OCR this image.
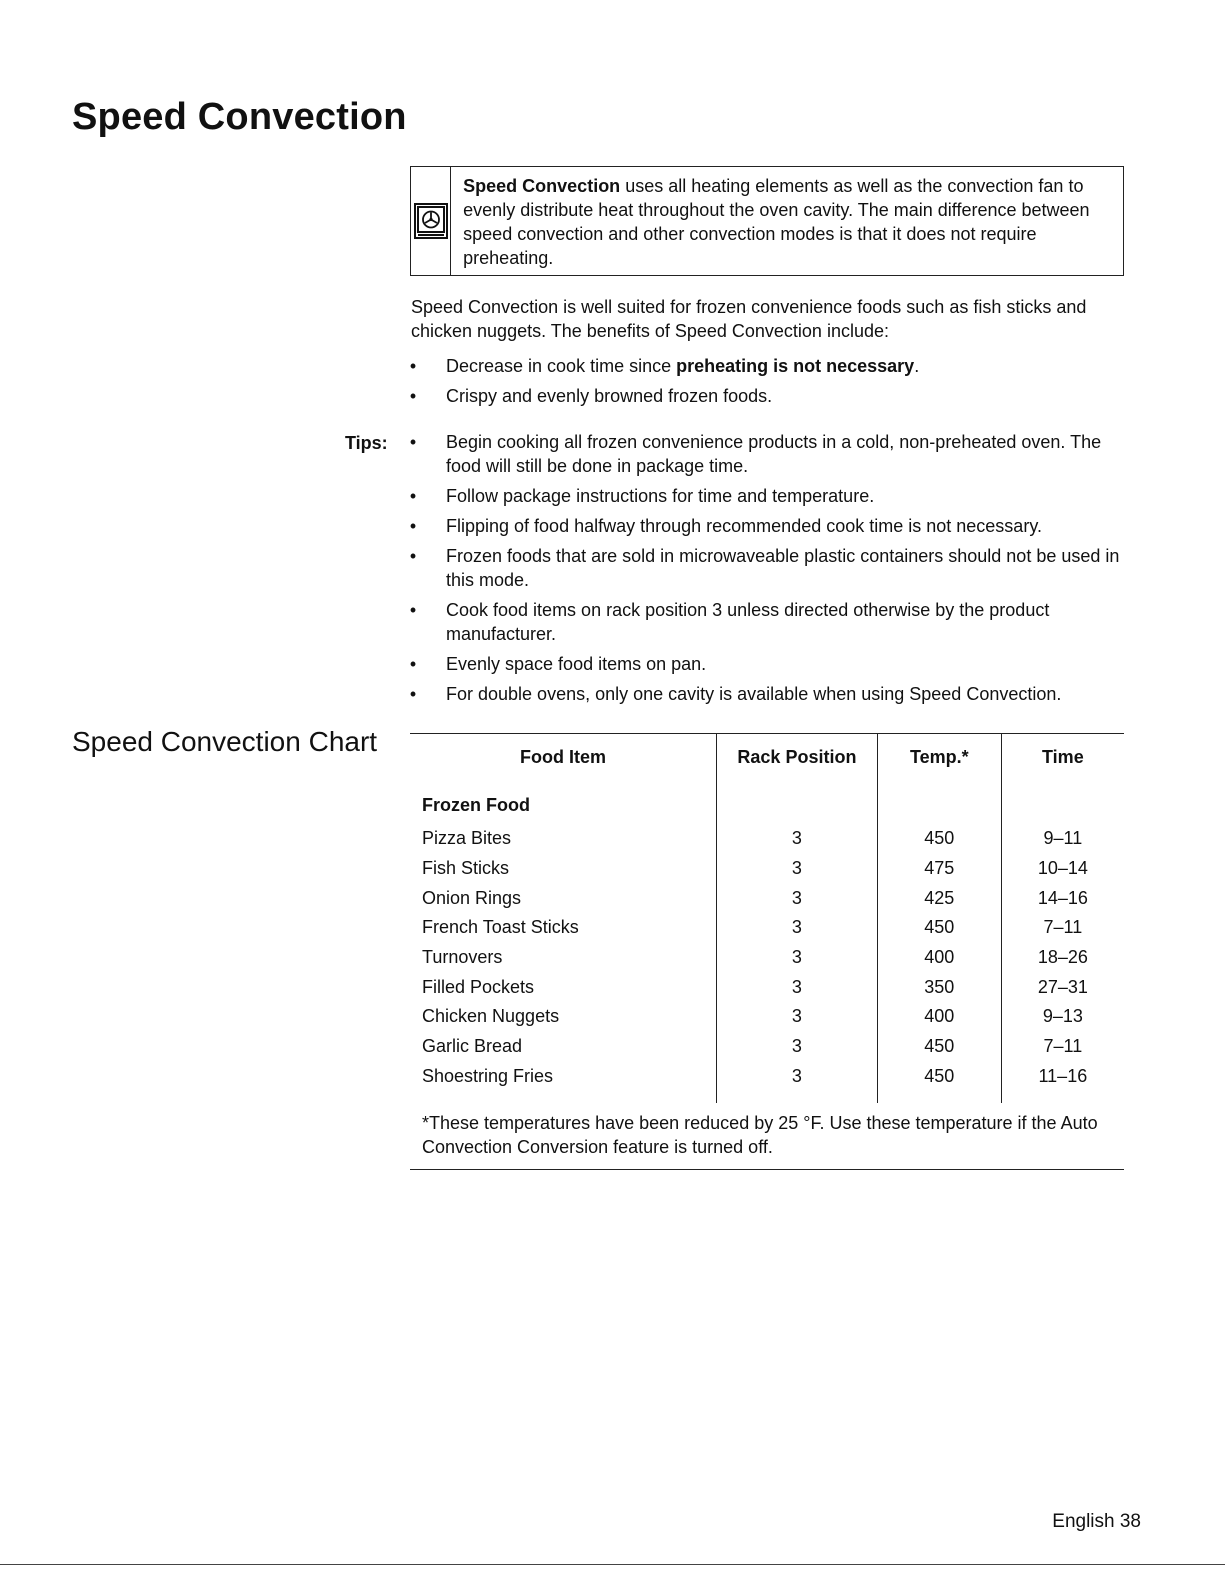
Speed Convection

Speed Convection uses all heating elements as well as the convection fan to evenly distribute heat throughout the oven cavity. The main difference between speed convection and other convection modes is that it does not require preheating.

Speed Convection is well suited for frozen convenience foods such as fish sticks and chicken nuggets. The benefits of Speed Convection include:

• Decrease in cook time since preheating is not necessary.
• Crispy and evenly browned frozen foods.
Tips: • Begin cooking all frozen convenience products in a cold, non-preheated oven. The food will still be done in package time.
• Follow package instructions for time and temperature.
• Flipping of food halfway through recommended cook time is not necessary.
• Frozen foods that are sold in microwaveable plastic containers should not be used in this mode.
• Cook food items on rack position 3 unless directed otherwise by the product manufacturer.
• Evenly space food items on pan.
• For double ovens, only one cavity is available when using Speed Convection.
Speed Convection Chart	Food Item	Rack Position	Temp.*	Time
Frozen Food			
Pizza Bites	3	450	9–11
Fish Sticks	3	475	10–14
Onion Rings	3	425	14–16
French Toast Sticks	3	450	7–11
Turnovers	3	400	18–26
Filled Pockets	3	350	27–31
Chicken Nuggets	3	400	9–13
Garlic Bread	3	450	7–11
Shoestring Fries	3	450	11–16

*These temperatures have been reduced by 25 °F. Use these temperature if the Auto Convection Conversion feature is turned off.

English 38
